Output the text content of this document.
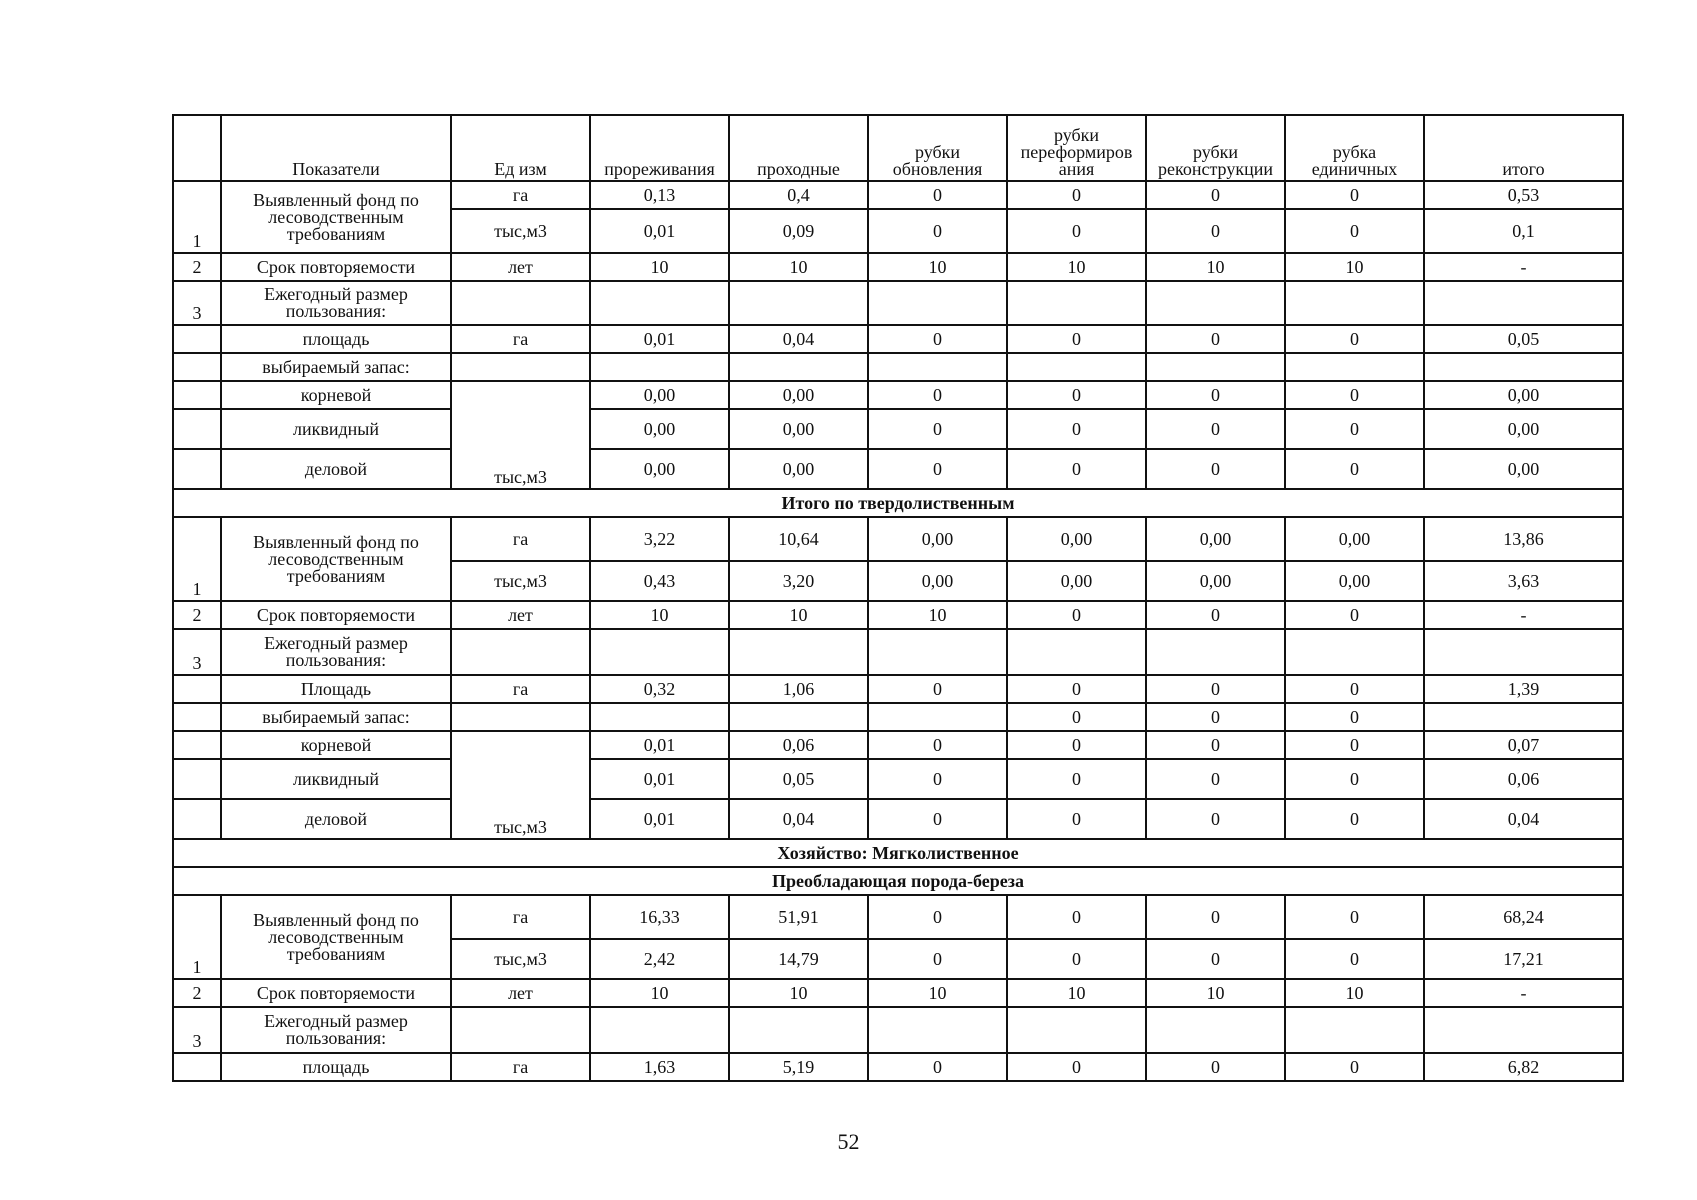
	Показатели	Ед изм	прореживания	проходные	рубки обновления	рубки переформиров ания	рубки реконструкции	рубка единичных	итого
1	Выявленный фонд по лесоводственным требованиям	га	0,13	0,4	0	0	0	0	0,53
		тыс,м3	0,01	0,09	0	0	0	0	0,1
2	Срок повторяемости	лет	10	10	10	10	10	10	-
3	Ежегодный размер пользования:								
	площадь	га	0,01	0,04	0	0	0	0	0,05
	выбираемый запас:								
	корневой	тыс,м3	0,00	0,00	0	0	0	0	0,00
	ликвидный		0,00	0,00	0	0	0	0	0,00
	деловой		0,00	0,00	0	0	0	0	0,00
Итого по твердолиственным									
1	Выявленный фонд по лесоводственным требованиям	га	3,22	10,64	0,00	0,00	0,00	0,00	13,86
		тыс,м3	0,43	3,20	0,00	0,00	0,00	0,00	3,63
2	Срок повторяемости	лет	10	10	10	0	0	0	-
3	Ежегодный размер пользования:								
	Площадь	га	0,32	1,06	0	0	0	0	1,39
	выбираемый запас:					0	0	0	
	корневой	тыс,м3	0,01	0,06	0	0	0	0	0,07
	ликвидный		0,01	0,05	0	0	0	0	0,06
	деловой		0,01	0,04	0	0	0	0	0,04
Хозяйство: Мягколиственное									
Преобладающая порода-береза									
1	Выявленный фонд по лесоводственным требованиям	га	16,33	51,91	0	0	0	0	68,24
		тыс,м3	2,42	14,79	0	0	0	0	17,21
2	Срок повторяемости	лет	10	10	10	10	10	10	-
3	Ежегодный размер пользования:								
	площадь	га	1,63	5,19	0	0	0	0	6,82
52
